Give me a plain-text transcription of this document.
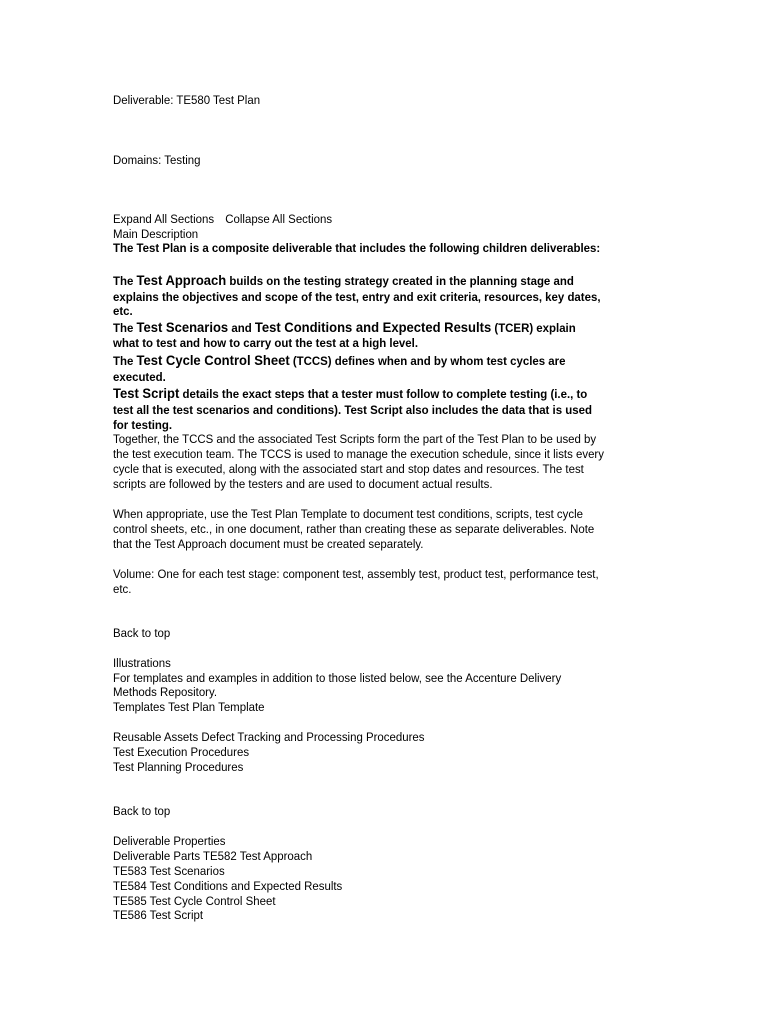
Deliverable: TE580 Test Plan
Domains: Testing
Expand All Sections Collapse All Sections
Main Description
The Test Plan is a composite deliverable that includes the following children deliverables:
The Test Approach builds on the testing strategy created in the planning stage and
explains the objectives and scope of the test, entry and exit criteria, resources, key dates,
etc.
The Test Scenarios and Test Conditions and Expected Results (TCER) explain
what to test and how to carry out the test at a high level.
The Test Cycle Control Sheet (TCCS) defines when and by whom test cycles are
executed.
Test Script details the exact steps that a tester must follow to complete testing (i.e., to
test all the test scenarios and conditions). Test Script also includes the data that is used
for testing.
Together, the TCCS and the associated Test Scripts form the part of the Test Plan to be used by
the test execution team. The TCCS is used to manage the execution schedule, since it lists every
cycle that is executed, along with the associated start and stop dates and resources. The test
scripts are followed by the testers and are used to document actual results.
When appropriate, use the Test Plan Template to document test conditions, scripts, test cycle
control sheets, etc., in one document, rather than creating these as separate deliverables. Note
that the Test Approach document must be created separately.
Volume: One for each test stage: component test, assembly test, product test, performance test,
etc.
Back to top
Illustrations
For templates and examples in addition to those listed below, see the Accenture Delivery
Methods Repository.
Templates Test Plan Template
Reusable Assets Defect Tracking and Processing Procedures
Test Execution Procedures
Test Planning Procedures
Back to top
Deliverable Properties
Deliverable Parts TE582 Test Approach
TE583 Test Scenarios
TE584 Test Conditions and Expected Results
TE585 Test Cycle Control Sheet
TE586 Test Script
